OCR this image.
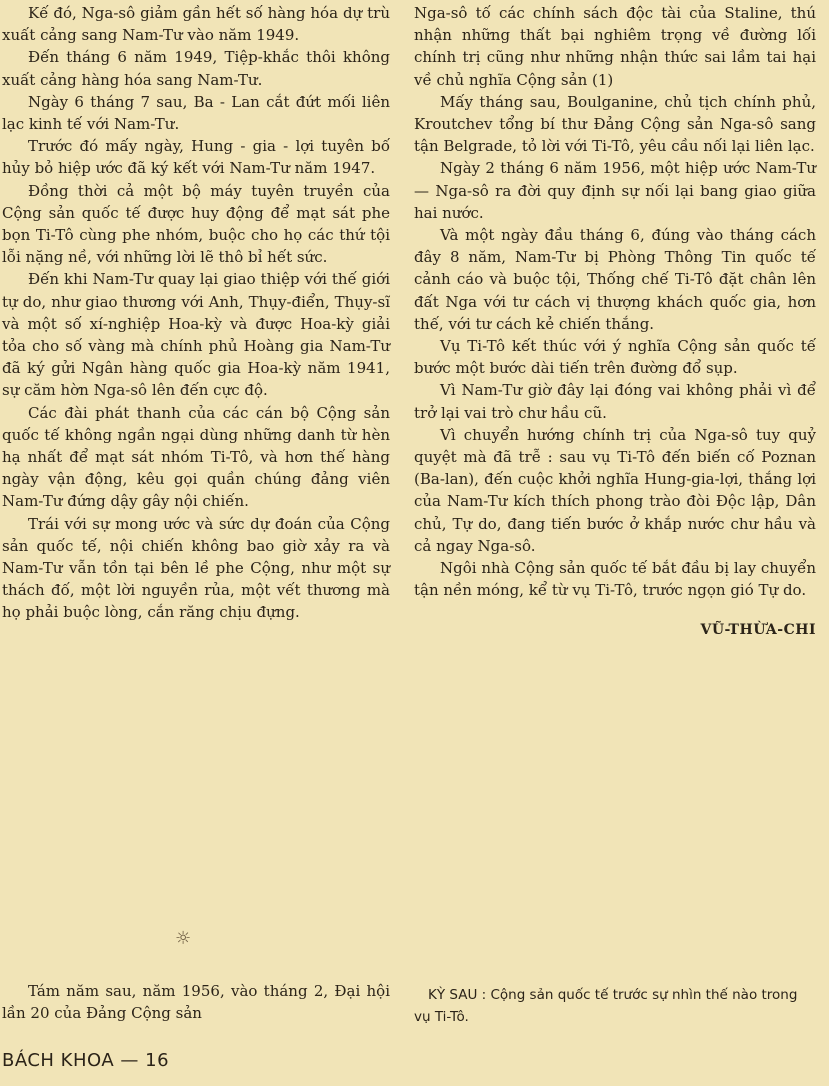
Kế đó, Nga-sô giảm gần hết số hàng hóa dự trù xuất cảng sang Nam-Tư vào năm 1949.

Đến tháng 6 năm 1949, Tiệp-khắc thôi không xuất cảng hàng hóa sang Nam-Tư.

Ngày 6 tháng 7 sau, Ba - Lan cắt đứt mối liên lạc kinh tế với Nam-Tư.

Trước đó mấy ngày, Hung - gia - lợi tuyên bố hủy bỏ hiệp ước đã ký kết với Nam-Tư năm 1947.

Đồng thời cả một bộ máy tuyên truyền của Cộng sản quốc tế được huy động để mạt sát phe bọn Ti-Tô cùng phe nhóm, buộc cho họ các thứ tội lỗi nặng nề, với những lời lẽ thô bỉ hết sức.

Đến khi Nam-Tư quay lại giao thiệp với thế giới tự do, như giao thương với Anh, Thụy-điển, Thụy-sĩ và một số xí-nghiệp Hoa-kỳ và được Hoa-kỳ giải tỏa cho số vàng mà chính phủ Hoàng gia Nam-Tư đã ký gửi Ngân hàng quốc gia Hoa-kỳ năm 1941, sự căm hờn Nga-sô lên đến cực độ.

Các đài phát thanh của các cán bộ Cộng sản quốc tế không ngần ngại dùng những danh từ hèn hạ nhất để mạt sát nhóm Ti-Tô, và hơn thế hàng ngày vận động, kêu gọi quần chúng đảng viên Nam-Tư đứng dậy gây nội chiến.

Trái với sự mong ước và sức dự đoán của Cộng sản quốc tế, nội chiến không bao giờ xảy ra và Nam-Tư vẫn tồn tại bên lề phe Cộng, như một sự thách đố, một lời nguyền rủa, một vết thương mà họ phải buộc lòng, cắn răng chịu đựng.

☼

Tám năm sau, năm 1956, vào tháng 2, Đại hội lần 20 của Đảng Cộng sản

Nga-sô tố các chính sách độc tài của Staline, thú nhận những thất bại nghiêm trọng về đường lối chính trị cũng như những nhận thức sai lầm tai hại về chủ nghĩa Cộng sản (1)

Mấy tháng sau, Boulganine, chủ tịch chính phủ, Kroutchev tổng bí thư Đảng Cộng sản Nga-sô sang tận Belgrade, tỏ lời với Ti-Tô, yêu cầu nối lại liên lạc.

Ngày 2 tháng 6 năm 1956, một hiệp ước Nam-Tư — Nga-sô ra đời quy định sự nối lại bang giao giữa hai nước.

Và một ngày đầu tháng 6, đúng vào tháng cách đây 8 năm, Nam-Tư bị Phòng Thông Tin quốc tế cảnh cáo và buộc tội, Thống chế Ti-Tô đặt chân lên đất Nga với tư cách vị thượng khách quốc gia, hơn thế, với tư cách kẻ chiến thắng.

Vụ Ti-Tô kết thúc với ý nghĩa Cộng sản quốc tế bước một bước dài tiến trên đường đổ sụp.

Vì Nam-Tư giờ đây lại đóng vai không phải vì để trở lại vai trò chư hầu cũ.

Vì chuyển hướng chính trị của Nga-sô tuy quỷ quyệt mà đã trễ : sau vụ Ti-Tô đến biến cố Poznan (Ba-lan), đến cuộc khởi nghĩa Hung-gia-lợi, thắng lợi của Nam-Tư kích thích phong trào đòi Độc lập, Dân chủ, Tự do, đang tiến bước ở khắp nước chư hầu và cả ngay Nga-sô.

Ngôi nhà Cộng sản quốc tế bắt đầu bị lay chuyển tận nền móng, kể từ vụ Ti-Tô, trước ngọn gió Tự do.

VŨ-THỪA-CHI
KỲ SAU : Cộng sản quốc tế trước sự nhìn thế nào trong vụ Ti-Tô.
BÁCH KHOA — 16
